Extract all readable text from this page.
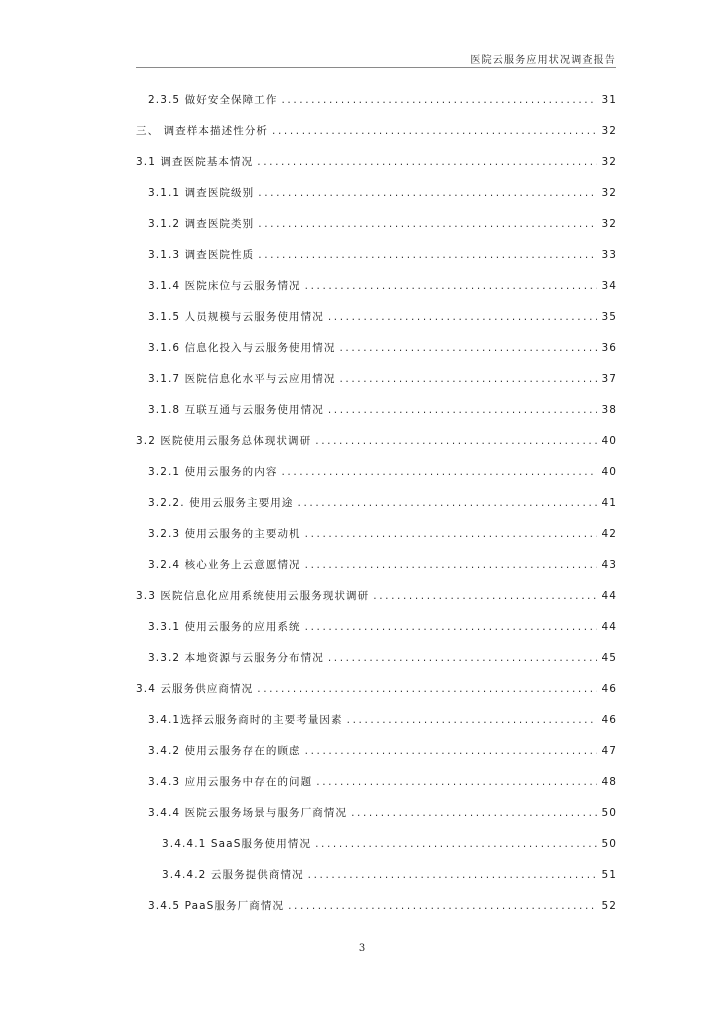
医院云服务应用状况调查报告
2.3.5 做好安全保障工作 .....	31
三、 调查样本描述性分析 .....	32
3.1 调查医院基本情况 .....	32
3.1.1 调查医院级别 .....	32
3.1.2 调查医院类别 .....	32
3.1.3 调查医院性质 .....	33
3.1.4 医院床位与云服务情况 .....	34
3.1.5 人员规模与云服务使用情况 .....	35
3.1.6 信息化投入与云服务使用情况 .....	36
3.1.7 医院信息化水平与云应用情况 .....	37
3.1.8 互联互通与云服务使用情况 .....	38
3.2 医院使用云服务总体现状调研 .....	40
3.2.1 使用云服务的内容 .....	40
3.2.2. 使用云服务主要用途 .....	41
3.2.3 使用云服务的主要动机 .....	42
3.2.4 核心业务上云意愿情况 .....	43
3.3 医院信息化应用系统使用云服务现状调研 .....	44
3.3.1 使用云服务的应用系统 .....	44
3.3.2 本地资源与云服务分布情况 .....	45
3.4 云服务供应商情况 .....	46
3.4.1选择云服务商时的主要考量因素 .....	46
3.4.2 使用云服务存在的顾虑 .....	47
3.4.3 应用云服务中存在的问题 .....	48
3.4.4 医院云服务场景与服务厂商情况 .....	50
3.4.4.1 SaaS服务使用情况 .....	50
3.4.4.2 云服务提供商情况 .....	51
3.4.5 PaaS服务厂商情况 .....	52
3
